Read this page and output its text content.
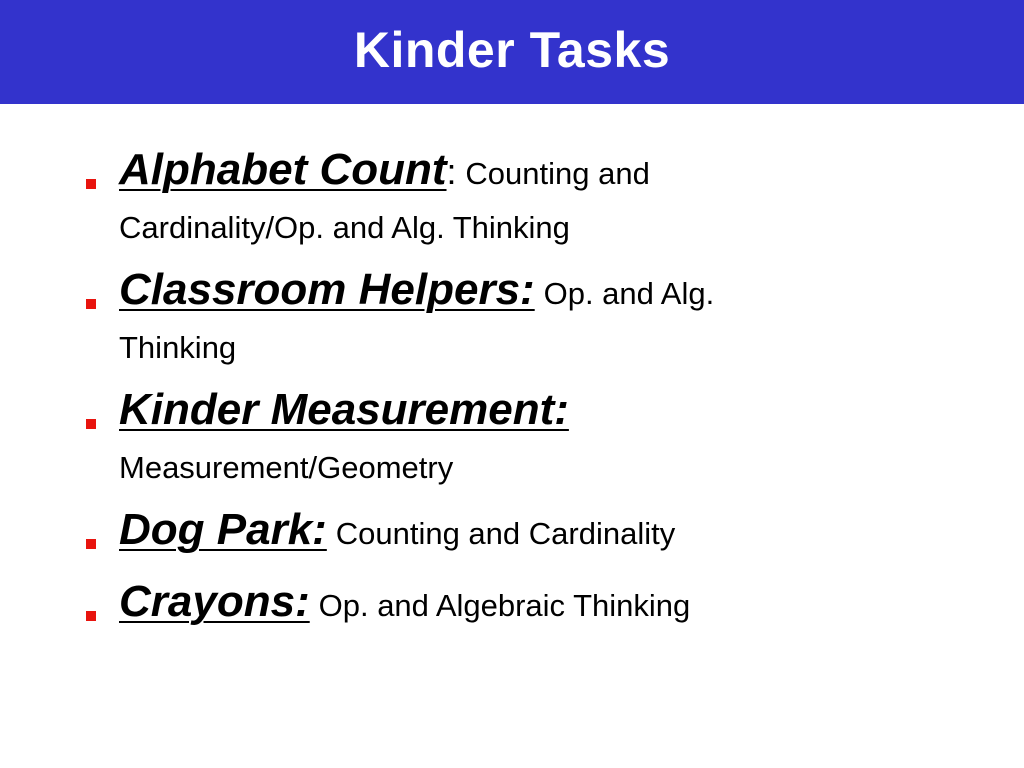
Kinder Tasks
Alphabet Count: Counting and
Cardinality/Op. and Alg. Thinking
Classroom Helpers: Op. and Alg.
Thinking
Kinder Measurement:
Measurement/Geometry
Dog Park: Counting and Cardinality
Crayons: Op. and Algebraic Thinking
